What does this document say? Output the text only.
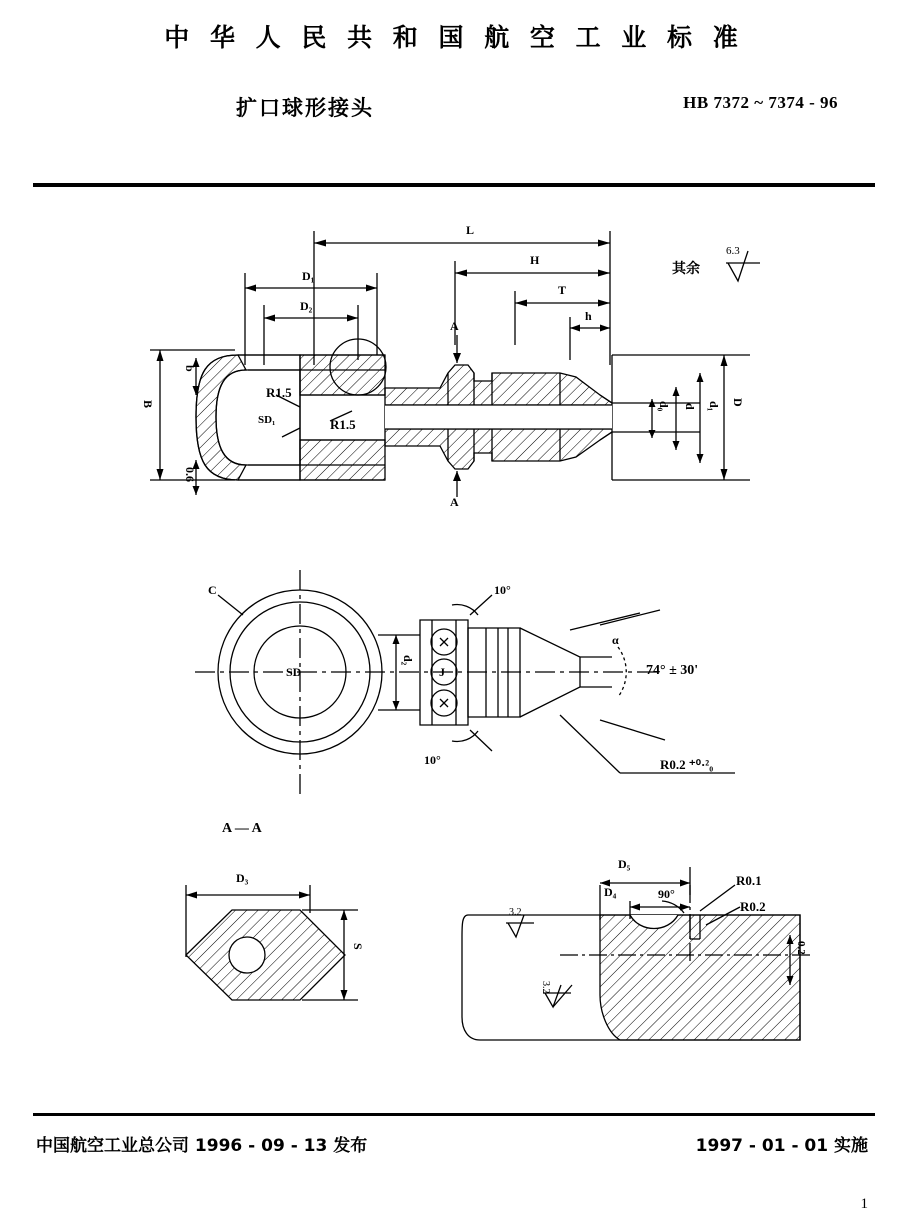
中 华 人 民 共 和 国 航 空 工 业 标 准
扩口球形接头	HB 7372 ~ 7374 - 96
L
H
T
h
D₁
D₂
B
b
0.6
D
d₁
d
d₀
A
A
R1.5
R1.5
SD₁
其余
6.3
C
SD
d₂
J
10°
10°
74° ± 30'
α
R0.2 ⁺⁰·²₀
A — A
D₃
S
D₅
D₄	90°
R0.1
R0.2
0.2
3.2
3.2
中国航空工业总公司 1996 - 09 - 13 发布	1997 - 01 - 01 实施
1
